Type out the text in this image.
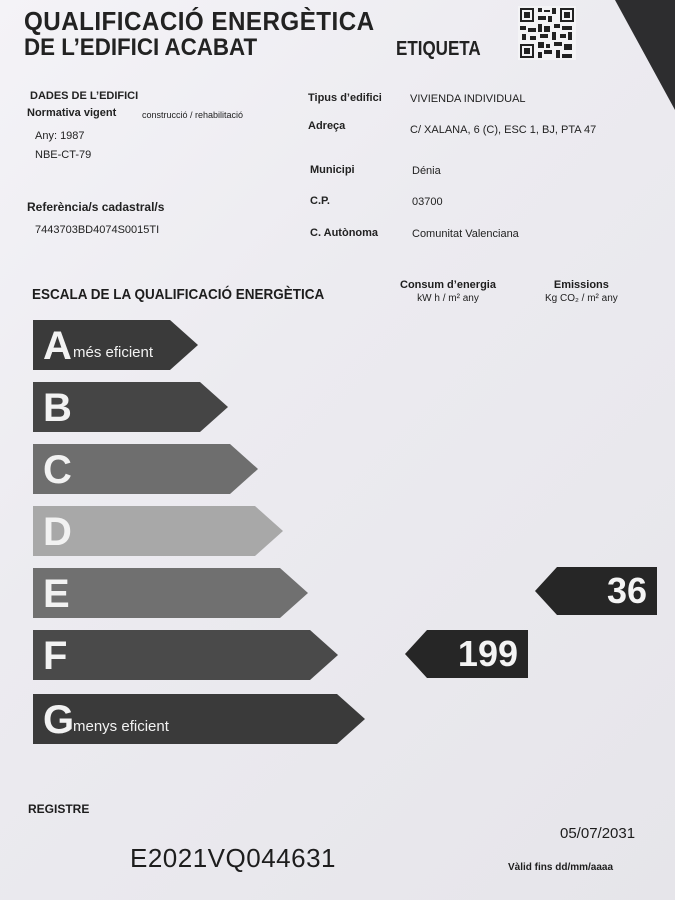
QUALIFICACIÓ ENERGÈTICA
DE L’EDIFICI ACABAT	ETIQUETA
DADES DE L’EDIFICI
Normativa vigent	construcció / rehabilitació
Any: 1987
NBE-CT-79
Referència/s cadastral/s
7443703BD4074S0015TI
Tipus d’edifici	VIVIENDA INDIVIDUAL
Adreça	C/ XALANA, 6 (C), ESC 1, BJ, PTA 47
Municipi	Dénia
C.P.	03700
C. Autònoma	Comunitat Valenciana
ESCALA DE LA QUALIFICACIÓ ENERGÈTICA
Consum d’energia
kW h / m² any
Emissions
Kg CO₂ / m² any
A més eficient
B
C
D
E
F
G
menys eficient
199
36
REGISTRE
E2021VQ044631
05/07/2031
Vàlid fins dd/mm/aaaa
